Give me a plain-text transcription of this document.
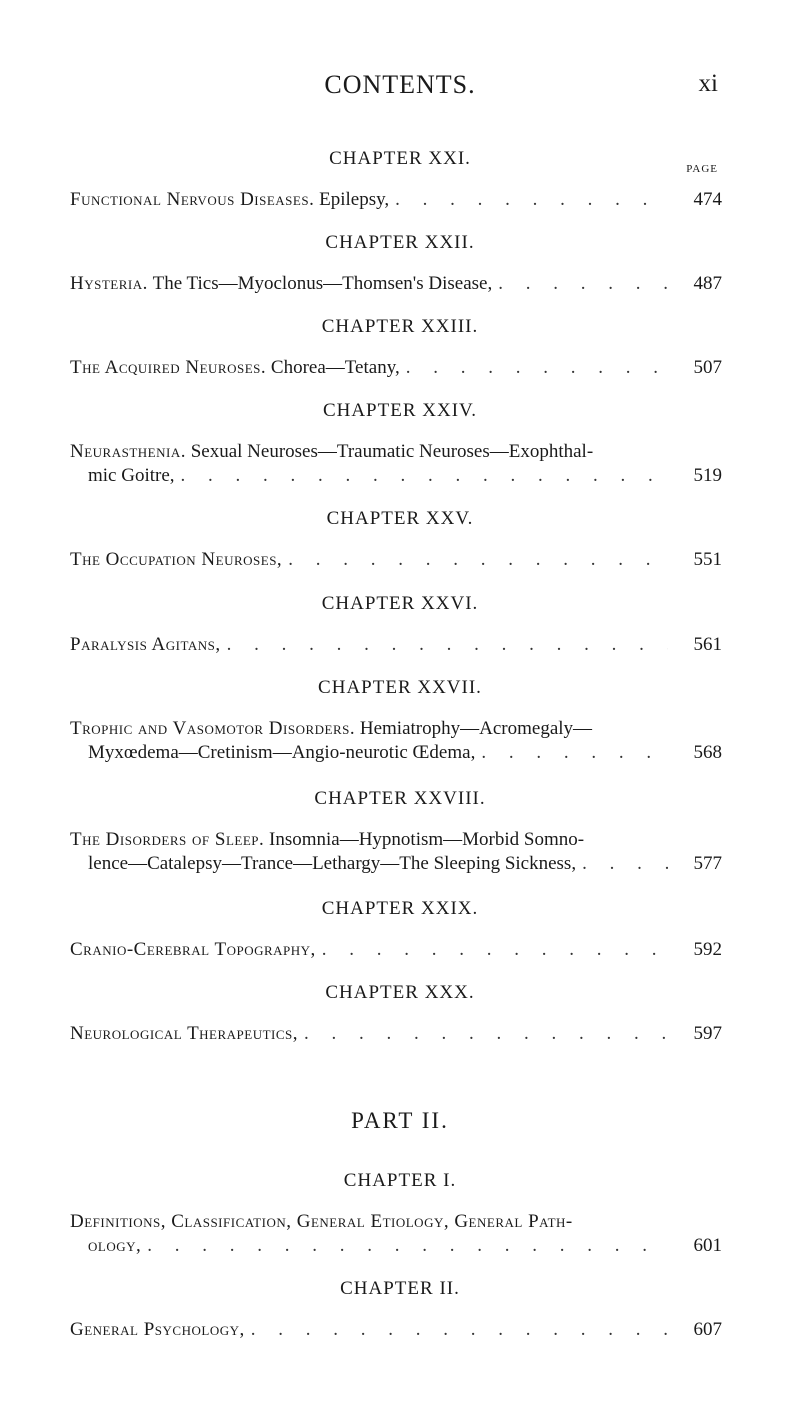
CONTENTS.	xi
PAGE
CHAPTER XXI.
Functional Nervous Diseases.
Epilepsy, . . .	474
CHAPTER XXII.
Hysteria.
The Tics—Myoclonus—Thomsen's Disease, . . .	487
CHAPTER XXIII.
The Acquired Neuroses.
Chorea—Tetany, . . .	507
CHAPTER XXIV.
Neurasthenia.
Sexual Neuroses—Traumatic Neuroses—Exophthal-
mic Goitre, . . .	519
CHAPTER XXV.
The Occupation Neuroses, . . .	551
CHAPTER XXVI.
Paralysis Agitans, . . .	561
CHAPTER XXVII.
Trophic and Vasomotor Disorders.
Hemiatrophy—Acromegaly—
Myxœdema—Cretinism—Angio-neurotic Œdema, . . .	568
CHAPTER XXVIII.
The Disorders of Sleep.
Insomnia—Hypnotism—Morbid Somno-
lence—Catalepsy—Trance—Lethargy—The Sleeping Sickness, . . .	577
CHAPTER XXIX.
Cranio-Cerebral Topography, . . .	592
CHAPTER XXX.
Neurological Therapeutics, . . .	597
PART II.
CHAPTER I.
Definitions, Classification, General Etiology, General Path-
ology, . . .	601
CHAPTER II.
General Psychology, . . .	607
